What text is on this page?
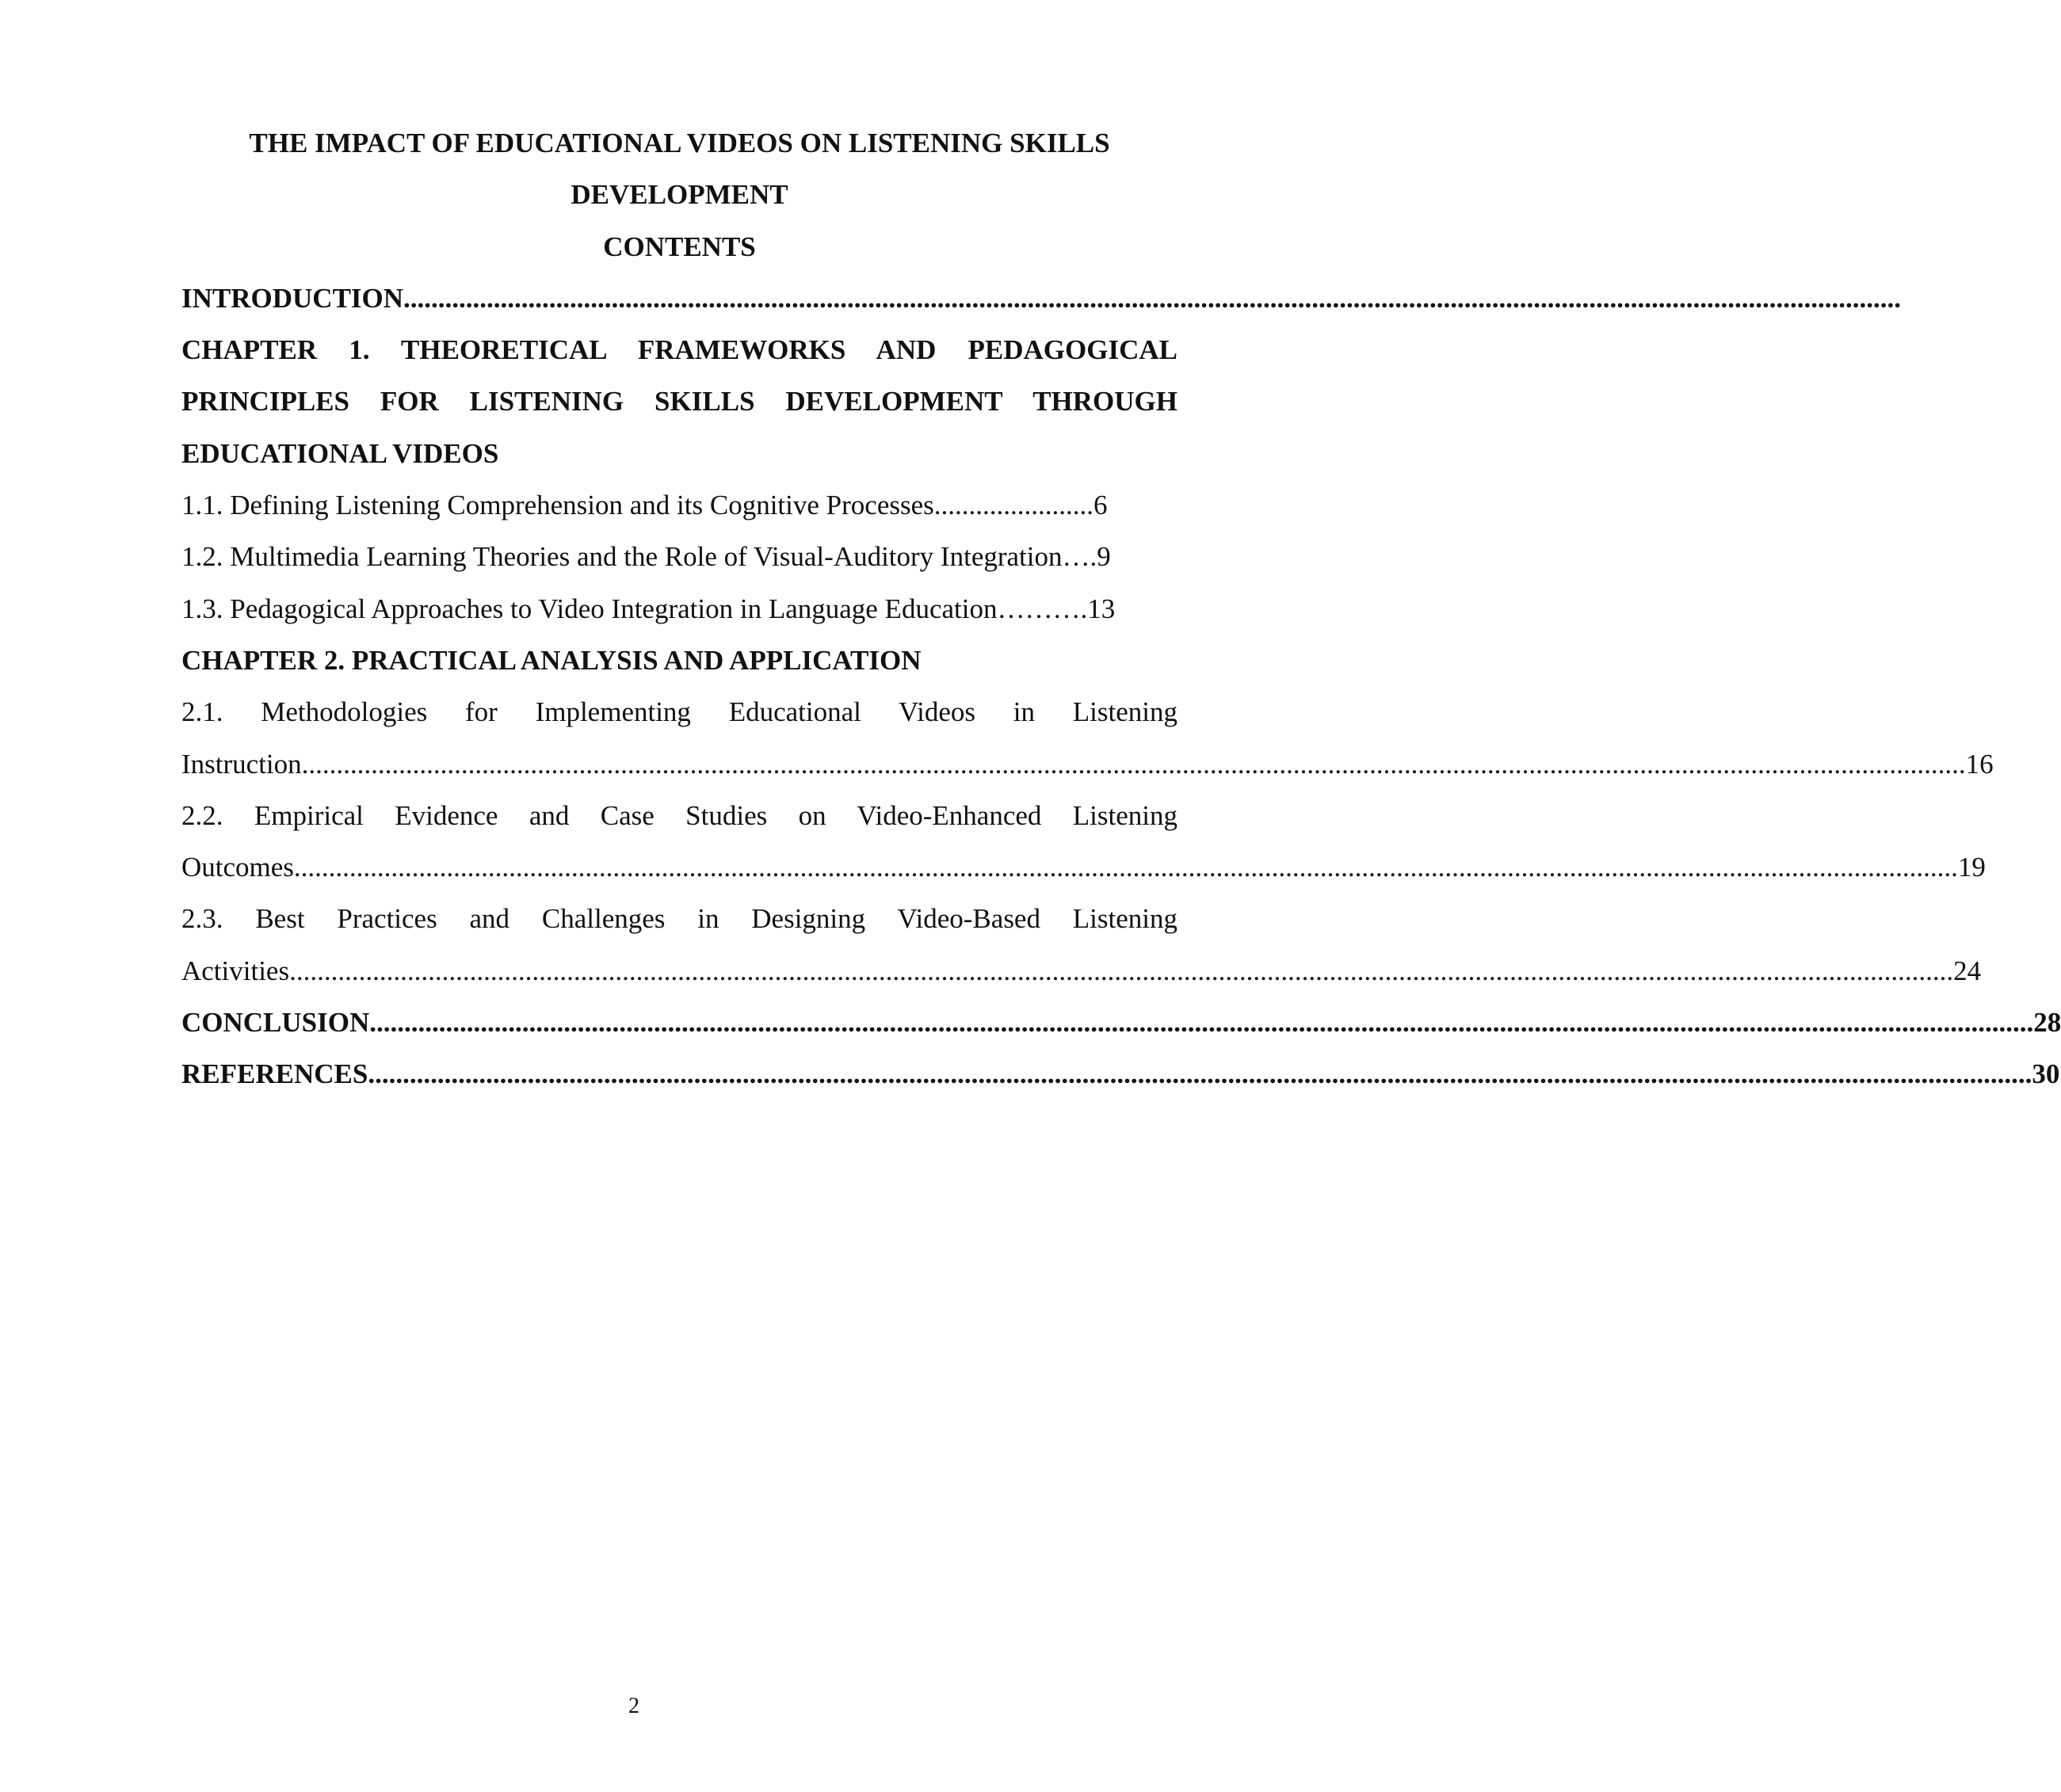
THE IMPACT OF EDUCATIONAL VIDEOS ON LISTENING SKILLS

DEVELOPMENT

CONTENTS

INTRODUCTION ........................................................................................................................................................................................................................

CHAPTER 1. THEORETICAL FRAMEWORKS AND PEDAGOGICAL

PRINCIPLES FOR LISTENING SKILLS DEVELOPMENT THROUGH

EDUCATIONAL VIDEOS

1.1. Defining Listening Comprehension and its Cognitive Processes ....................... 6
1.2. Multimedia Learning Theories and the Role of Visual-Auditory Integration …. 9
1.3. Pedagogical Approaches to Video Integration in Language Education ………. 13

CHAPTER 2. PRACTICAL ANALYSIS AND APPLICATION

2.1. Methodologies for Implementing Educational Videos in Listening

Instruction ................................................................................................................................................................................................................................................ 16

2.2. Empirical Evidence and Case Studies on Video-Enhanced Listening

Outcomes ................................................................................................................................................................................................................................................ 19

2.3. Best Practices and Challenges in Designing Video-Based Listening

Activities ................................................................................................................................................................................................................................................ 24
CONCLUSION ................................................................................................................................................................................................................................................ 28
REFERENCES ................................................................................................................................................................................................................................................ 30
2
